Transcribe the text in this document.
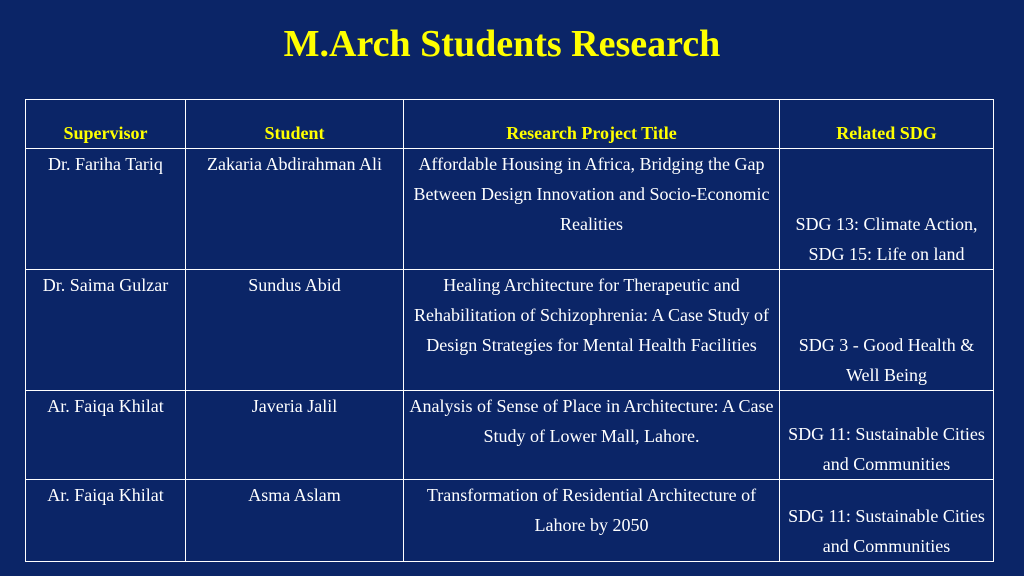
M.Arch Students Research
Supervisor	Student	Research Project Title	Related SDG
Dr. Fariha Tariq	Zakaria Abdirahman Ali	Affordable Housing in Africa, Bridging the Gap Between Design Innovation and Socio-Economic Realities	SDG 13: Climate Action, SDG 15: Life on land
Dr. Saima Gulzar	Sundus Abid	Healing Architecture for Therapeutic and Rehabilitation of Schizophrenia: A Case Study of Design Strategies for Mental Health Facilities	SDG 3 - Good Health & Well Being
Ar. Faiqa Khilat	Javeria Jalil	Analysis of Sense of Place in Architecture: A Case Study of Lower Mall, Lahore.	SDG 11: Sustainable Cities and Communities
Ar. Faiqa Khilat	Asma Aslam	Transformation of Residential Architecture of Lahore by 2050	SDG 11: Sustainable Cities and Communities
